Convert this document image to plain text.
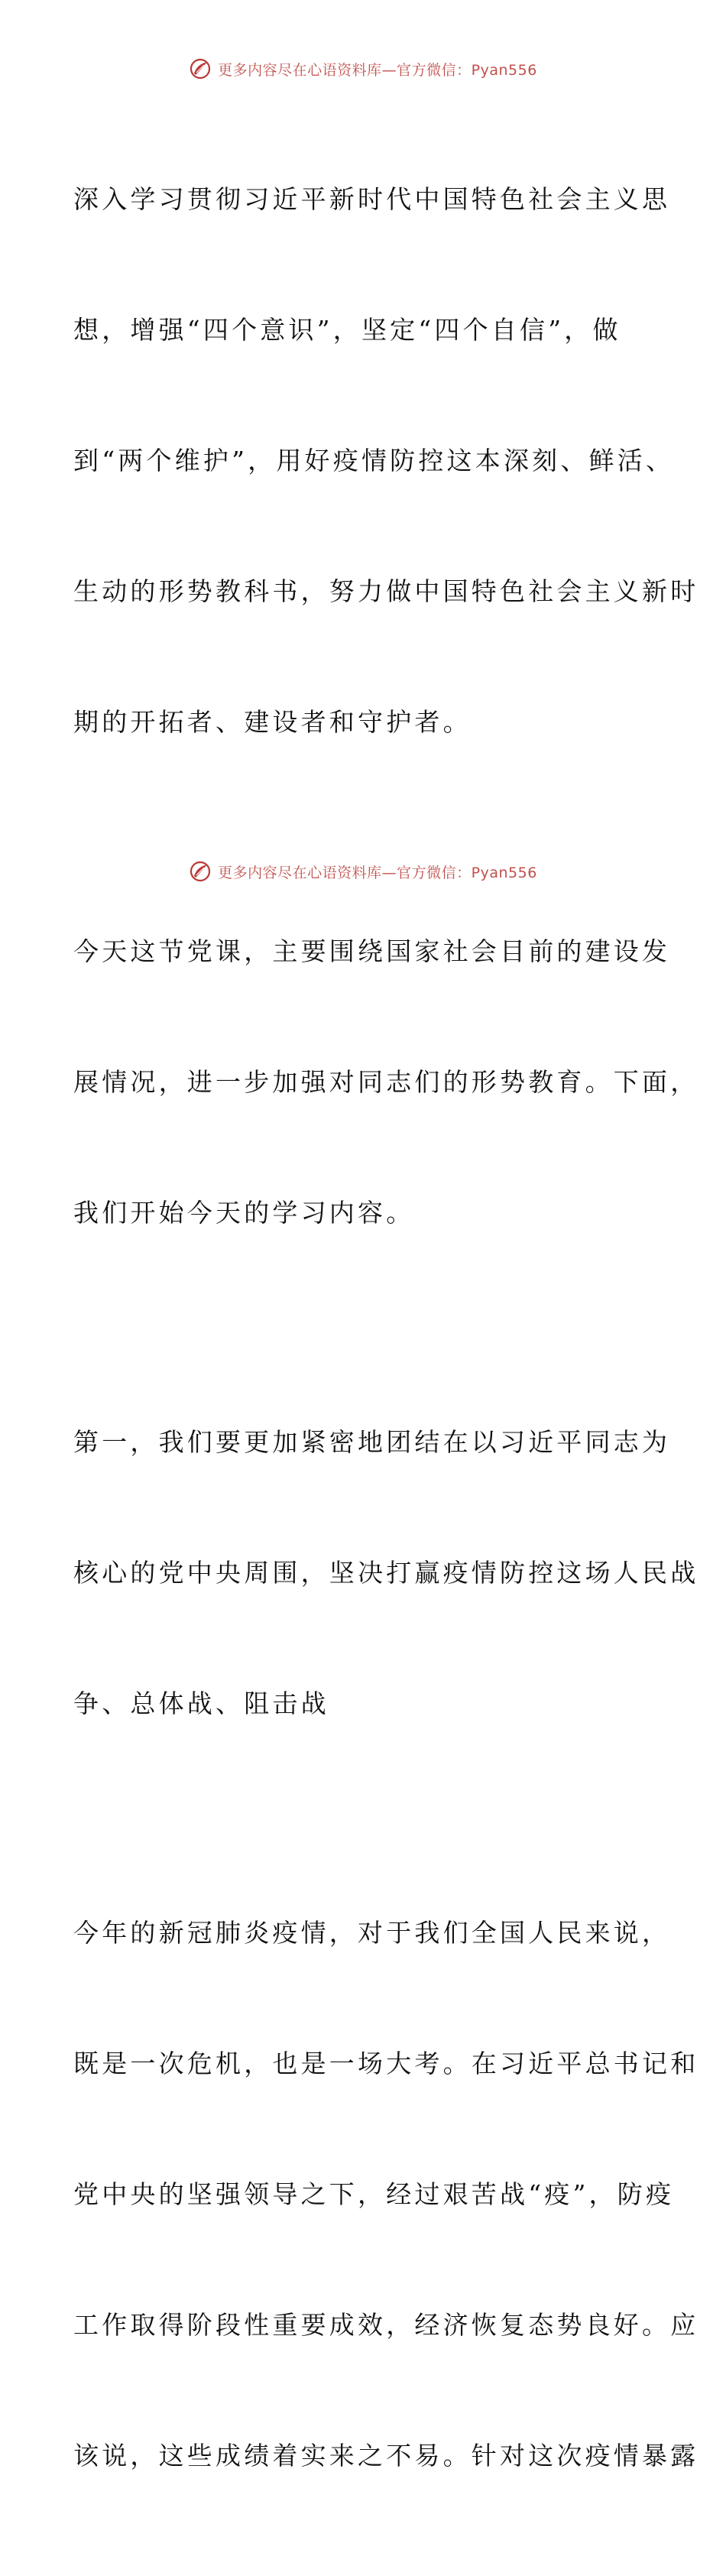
更多内容尽在心语资料库—官方微信：Pyan556

深入学习贯彻习近平新时代中国特色社会主义思

想，增强“四个意识”，坚定“四个自信”，做

到“两个维护”，用好疫情防控这本深刻、鲜活、

生动的形势教科书，努力做中国特色社会主义新时

期的开拓者、建设者和守护者。

今天这节党课，主要围绕国家社会目前的建设发

展情况，进一步加强对同志们的形势教育。下面，

我们开始今天的学习内容。

第一，我们要更加紧密地团结在以习近平同志为

核心的党中央周围，坚决打赢疫情防控这场人民战

争、总体战、阻击战

今年的新冠肺炎疫情，对于我们全国人民来说，

既是一次危机，也是一场大考。在习近平总书记和

党中央的坚强领导之下，经过艰苦战“疫”，防疫

工作取得阶段性重要成效，经济恢复态势良好。应

该说，这些成绩着实来之不易。针对这次疫情暴露

更多内容尽在心语资料库—官方微信：Pyan556
